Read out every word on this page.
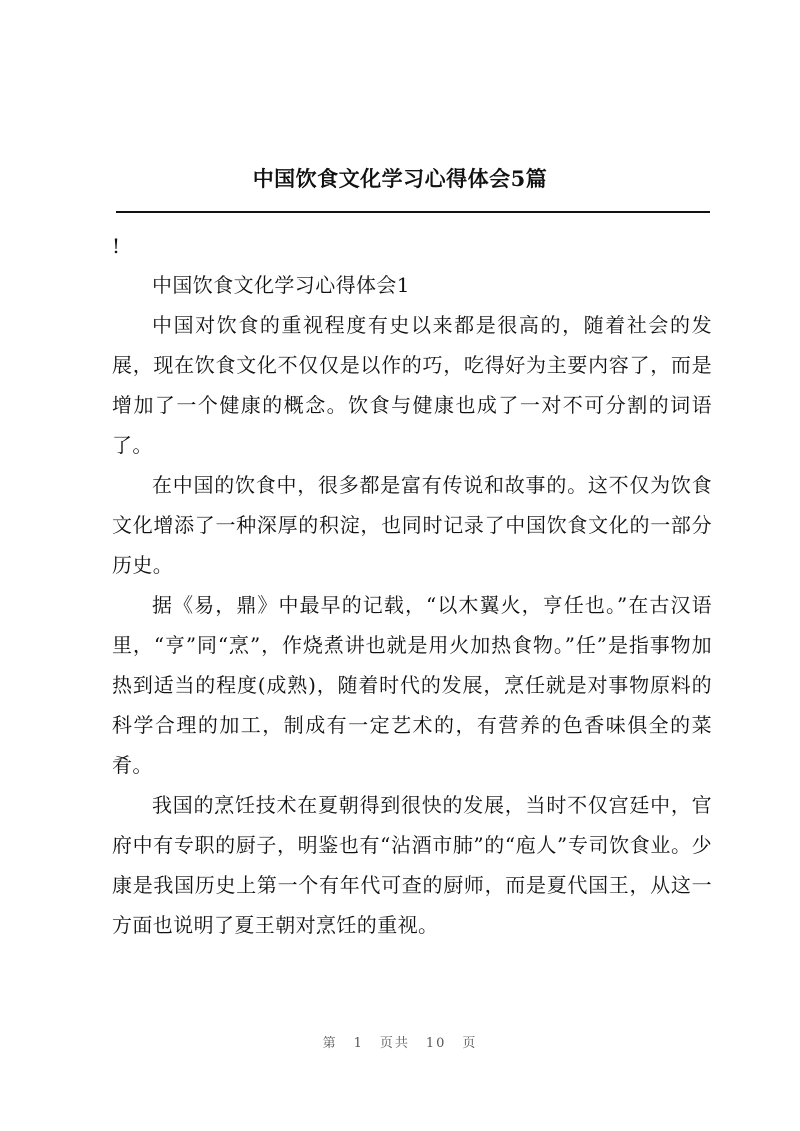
中国饮食文化学习心得体会5篇
!

中国饮食文化学习心得体会1

中国对饮食的重视程度有史以来都是很高的，随着社会的发展，现在饮食文化不仅仅是以作的巧，吃得好为主要内容了，而是增加了一个健康的概念。饮食与健康也成了一对不可分割的词语了。

在中国的饮食中，很多都是富有传说和故事的。这不仅为饮食文化增添了一种深厚的积淀，也同时记录了中国饮食文化的一部分历史。

据《易，鼎》中最早的记载，“以木翼火，亨任也。”在古汉语里，“亨”同“烹”，作烧煮讲也就是用火加热食物。”任”是指事物加热到适当的程度(成熟)，随着时代的发展，烹任就是对事物原料的科学合理的加工，制成有一定艺术的，有营养的色香味俱全的菜肴。

我国的烹饪技术在夏朝得到很快的发展，当时不仅宫廷中，官府中有专职的厨子，明鉴也有“沾酒市肺”的“庖人”专司饮食业。少康是我国历史上第一个有年代可查的厨师，而是夏代国王，从这一方面也说明了夏王朝对烹饪的重视。

第 1 页共 10 页
